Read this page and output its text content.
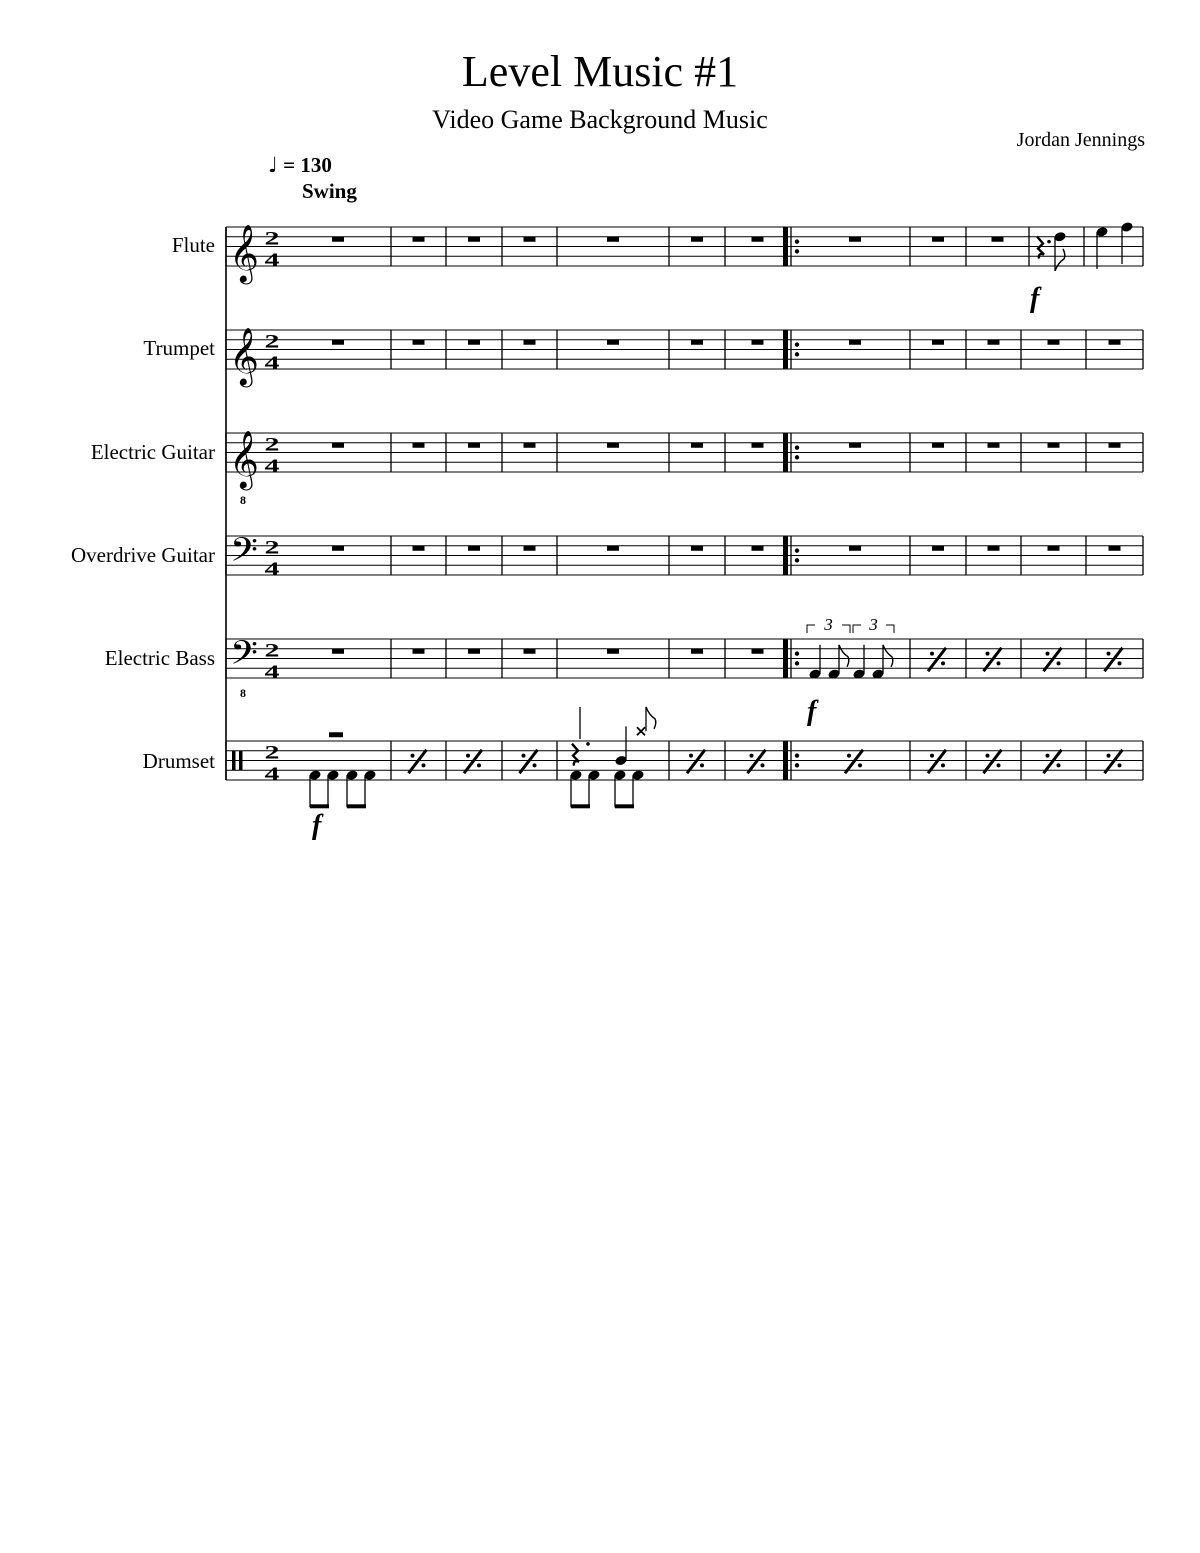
Level Music #1
Video Game Background Music
Jordan Jennings
♩ = 130
Swing
Flute
Trumpet
Electric Guitar
Overdrive Guitar
Electric Bass
Drumset
𝄞 2
4
𝄞 2
4
𝄞
8
2
4
𝄢 2
4
𝄢
8
2
4
3 3
2
4
f
f
f
